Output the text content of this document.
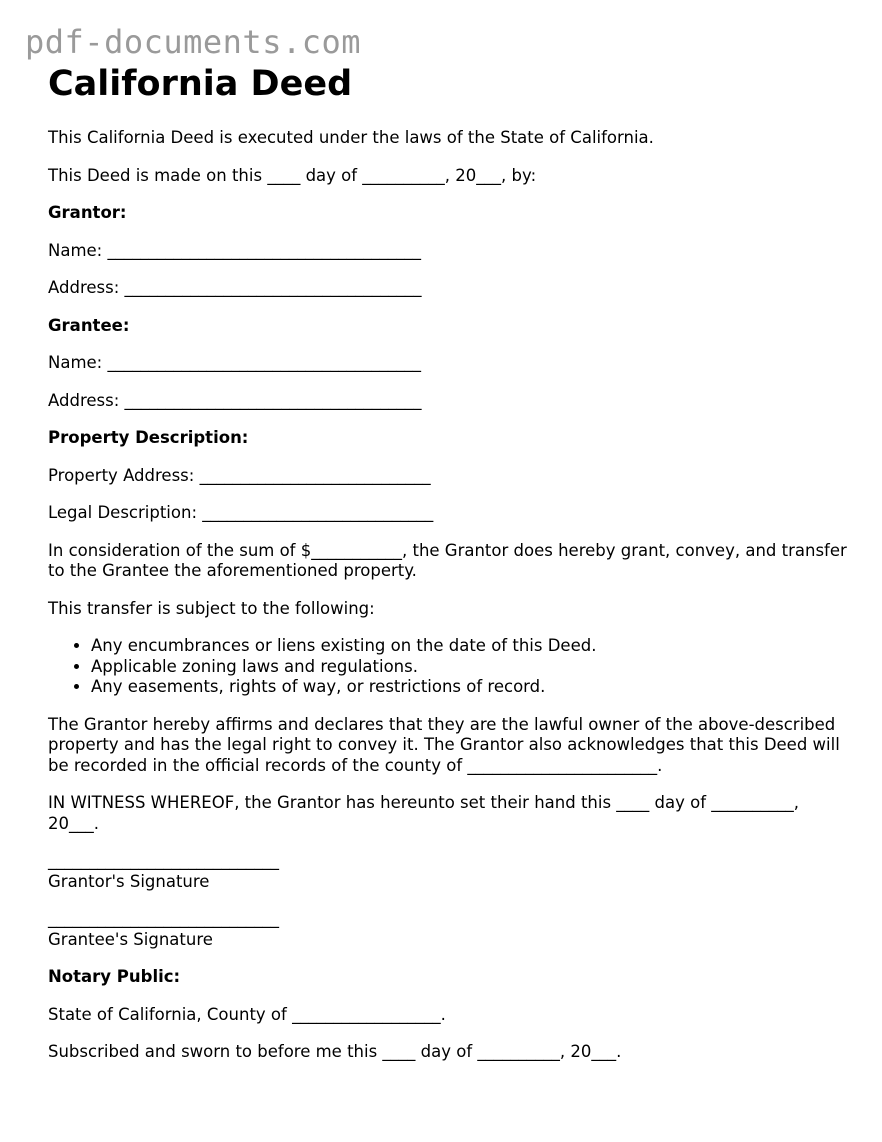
pdf-documents.com
California Deed

This California Deed is executed under the laws of the State of California.

This Deed is made on this ____ day of __________, 20___, by:

Grantor:

Name: ______________________________________

Address: ____________________________________

Grantee:

Name: ______________________________________

Address: ____________________________________

Property Description:

Property Address: ____________________________

Legal Description: ____________________________

In consideration of the sum of $___________, the Grantor does hereby grant, convey, and transfer to the Grantee the aforementioned property.

This transfer is subject to the following:

• Any encumbrances or liens existing on the date of this Deed.
• Applicable zoning laws and regulations.
• Any easements, rights of way, or restrictions of record.

The Grantor hereby affirms and declares that they are the lawful owner of the above-described property and has the legal right to convey it. The Grantor also acknowledges that this Deed will be recorded in the official records of the county of _______________________.

IN WITNESS WHEREOF, the Grantor has hereunto set their hand this ____ day of __________, 20___.

____________________________

Grantor's Signature

____________________________

Grantee's Signature

Notary Public:

State of California, County of __________________.

Subscribed and sworn to before me this ____ day of __________, 20___.
